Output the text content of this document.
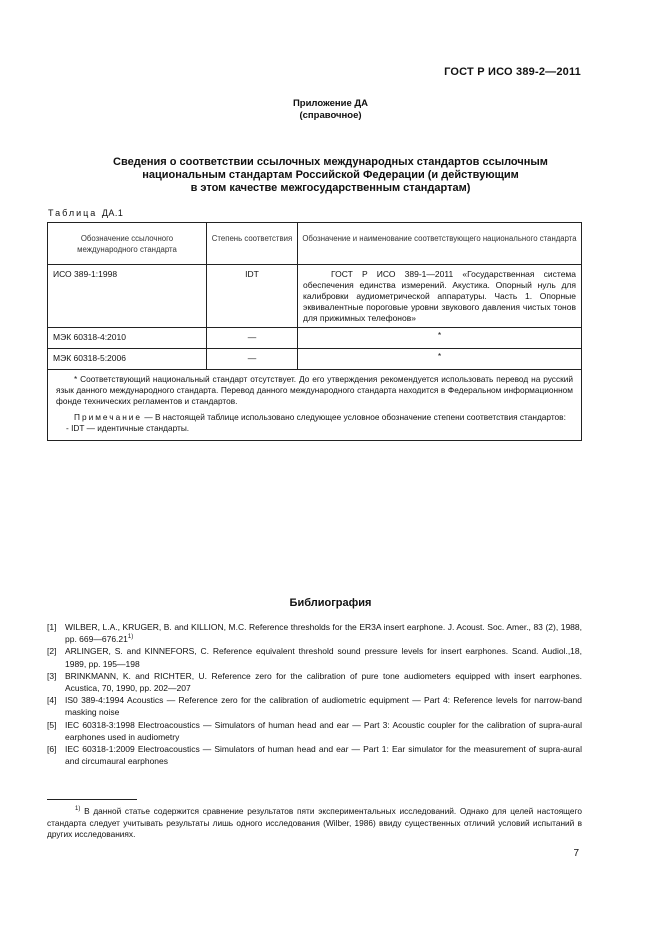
ГОСТ Р ИСО 389-2—2011
Приложение ДА
(справочное)
Сведения о соответствии ссылочных международных стандартов ссылочным
национальным стандартам Российской Федерации (и действующим
в этом качестве межгосударственным стандартам)
Таблица ДА.1
Обозначение ссылочного международного стандарта	Степень соответствия	Обозначение и наименование соответствующего национального стандарта
ИСО 389-1:1998	IDT	ГОСТ Р ИСО 389-1—2011 «Государственная система обеспечения единства измерений. Акустика. Опорный нуль для калибровки аудиометрической аппаратуры. Часть 1. Опорные эквивалентные пороговые уровни звукового давления чистых тонов для прижимных телефонов»
МЭК 60318-4:2010	—	*
МЭК 60318-5:2006	—	*

* Соответствующий национальный стандарт отсутствует. До его утверждения рекомендуется использовать перевод на русский язык данного международного стандарта. Перевод данного международного стандарта находится в Федеральном информационном фонде технических регламентов и стандартов.

Примечание — В настоящей таблице использовано следующее условное обозначение степени соответствия стандартов:

- IDT — идентичные стандарты.		

Библиография
[1]	WILBER, L.A., KRUGER, B. and KILLION, M.C. Reference thresholds for the ER3A insert earphone. J. Acoust. Soc. Amer., 83 (2), 1988, pp. 669—676.21$^{1)}$
[2]	ARLINGER, S. and KINNEFORS, C. Reference equivalent threshold sound pressure levels for insert earphones. Scand. Audiol.,18, 1989, pp. 195—198
[3]	BRINKMANN, K. and RICHTER, U. Reference zero for the calibration of pure tone audiometers equipped with insert earphones. Acustica, 70, 1990, pp. 202—207
[4]	IS0 389-4:1994 Acoustics — Reference zero for the calibration of audiometric equipment — Part 4: Reference levels for narrow-band masking noise
[5]	IEC 60318-3:1998 Electroacoustics — Simulators of human head and ear — Part 3: Acoustic coupler for the calibration of supra-aural earphones used in audiometry
[6]	IEC 60318-1:2009 Electroacoustics — Simulators of human head and ear — Part 1: Ear simulator for the measurement of supra-aural and circumaural earphones

$^{1)}$ В данной статье содержится сравнение результатов пяти экспериментальных исследований. Однако для целей настоящего стандарта следует учитывать результаты лишь одного исследования (Wilber, 1986) ввиду существенных отличий условий испытаний в других исследованиях.

7
